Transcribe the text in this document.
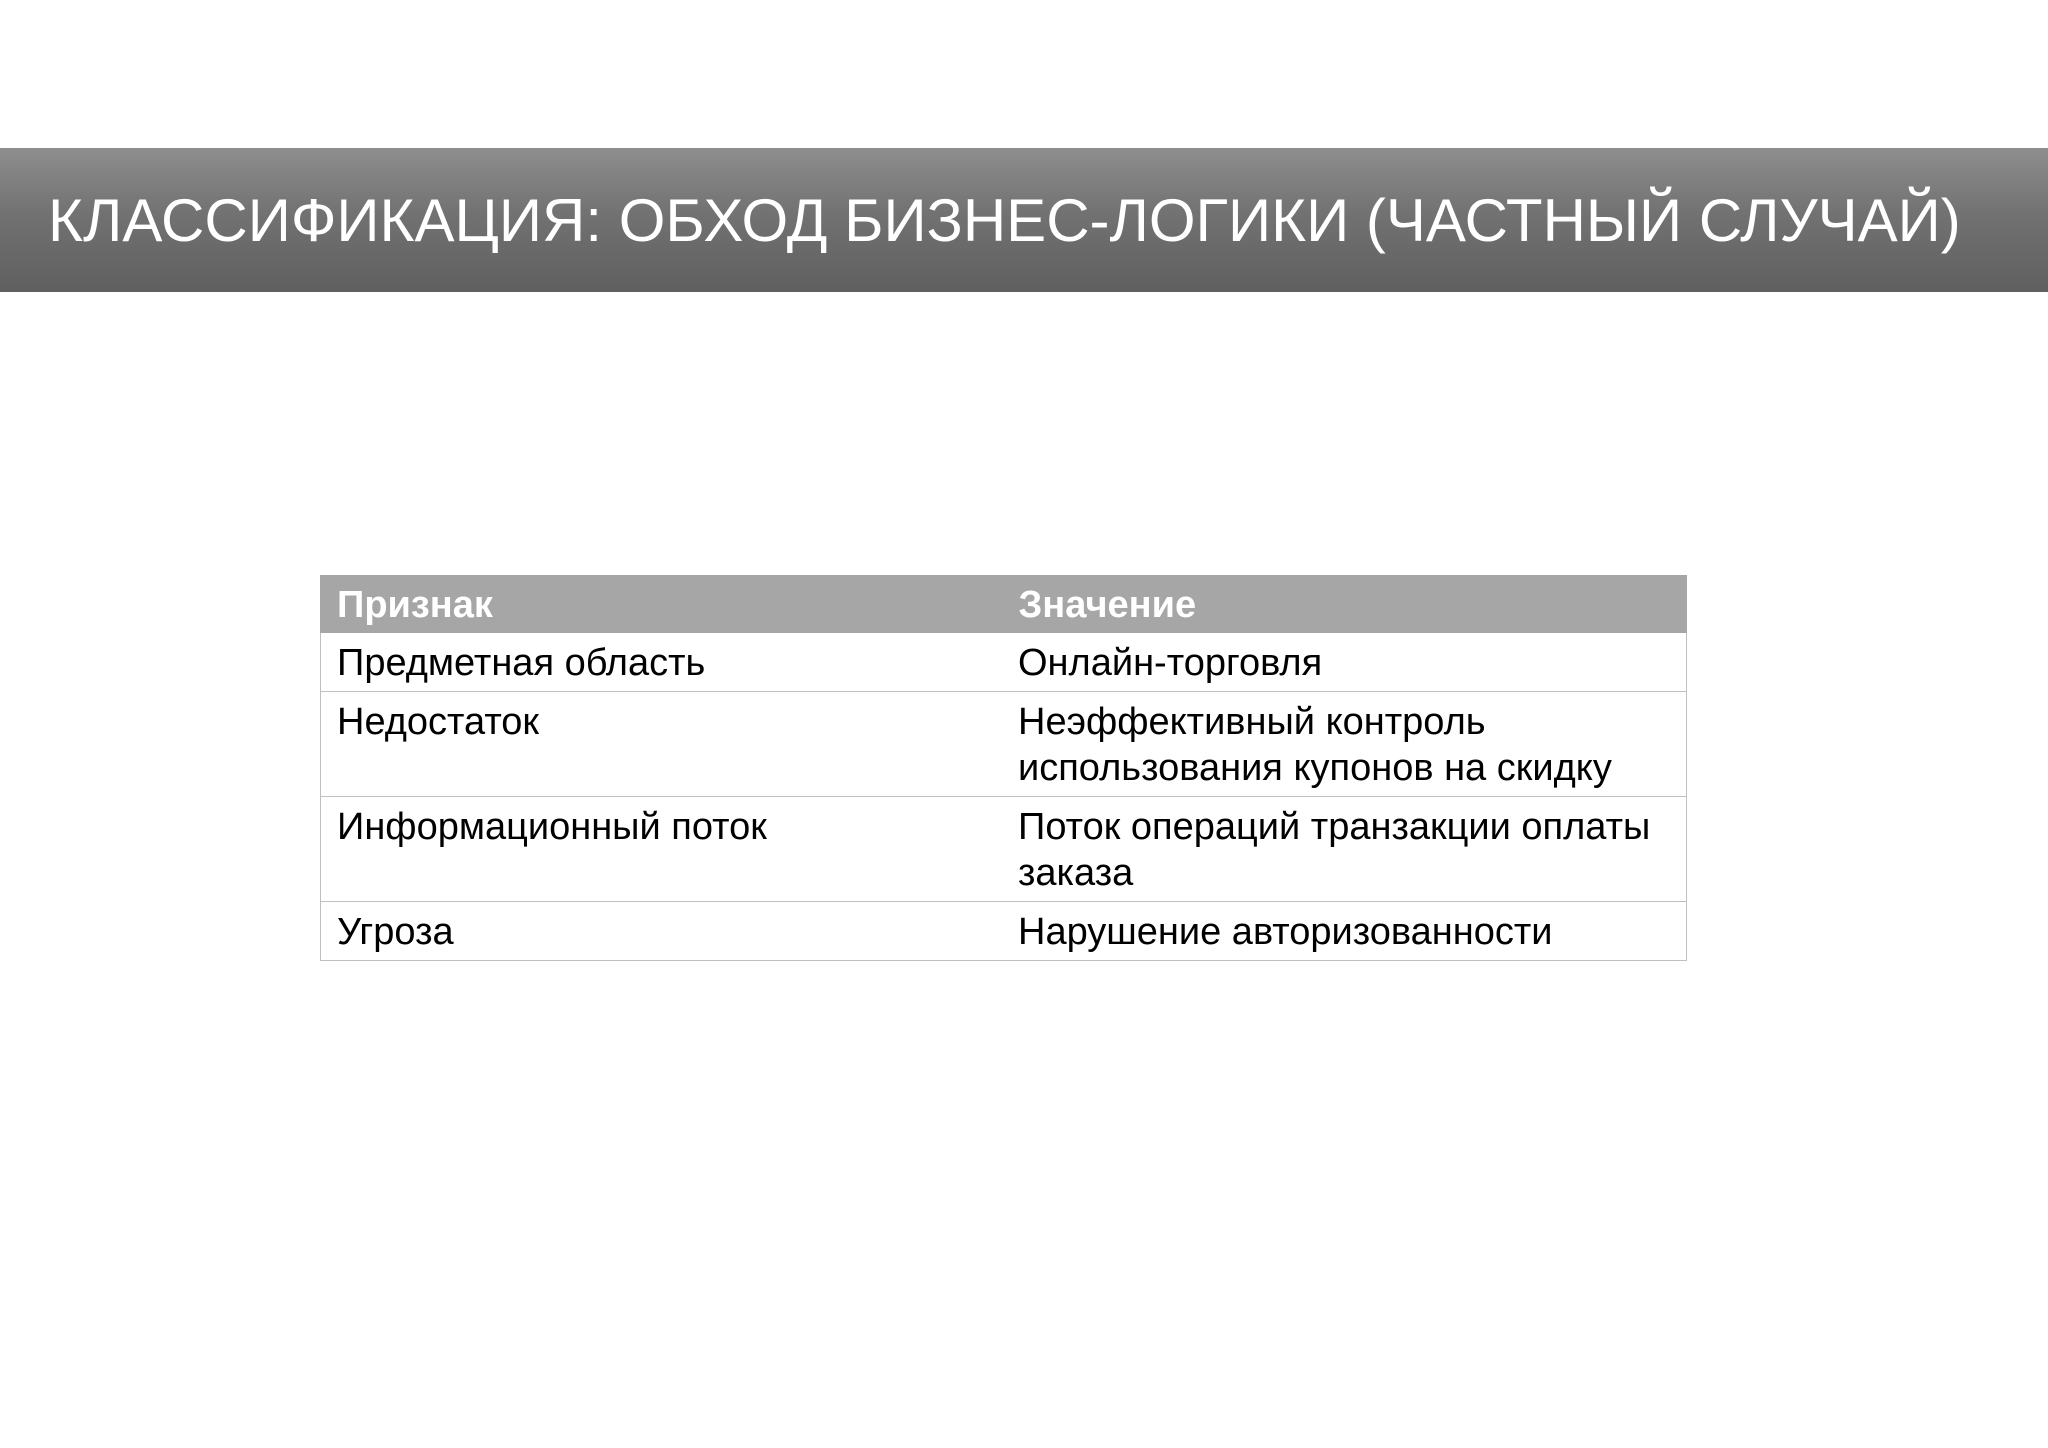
КЛАССИФИКАЦИЯ: ОБХОД БИЗНЕС-ЛОГИКИ (ЧАСТНЫЙ СЛУЧАЙ)
Признак	Значение
Предметная область	Онлайн-торговля
Недостаток	Неэффективный контроль использования купонов на скидку
Информационный поток	Поток операций транзакции оплаты заказа
Угроза	Нарушение авторизованности
